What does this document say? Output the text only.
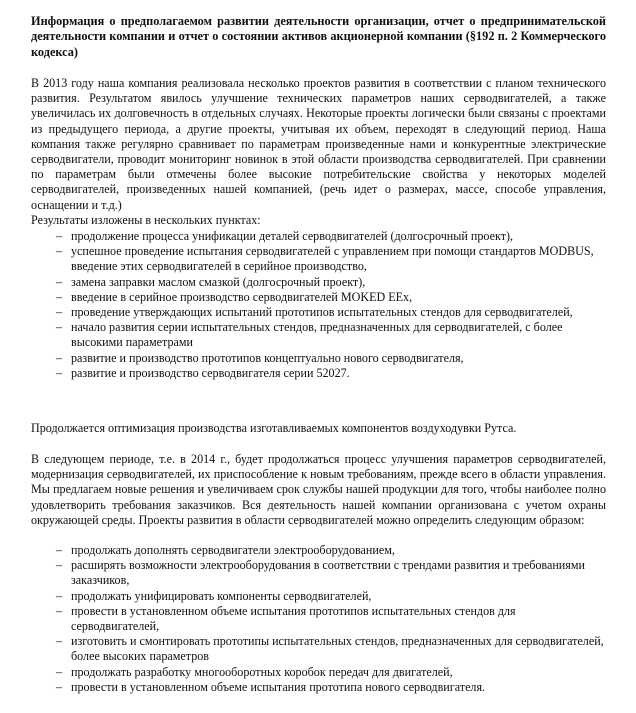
Информация о предполагаемом развитии деятельности организации, отчет о предпринимательской деятельности компании и отчет о состоянии активов акционерной компании (§192 п. 2 Коммерческого кодекса)

В 2013 году наша компания реализовала несколько проектов развития в соответствии с планом технического развития. Результатом явилось улучшение технических параметров наших серводвигателей, а также увеличилась их долговечность в отдельных случаях. Некоторые проекты логически были связаны с проектами из предыдущего периода, а другие проекты, учитывая их объем, переходят в следующий период. Наша компания также регулярно сравнивает по параметрам произведенные нами и конкурентные электрические серводвигатели, проводит мониторинг новинок в этой области производства серводвигателей. При сравнении по параметрам были отмечены более высокие потребительские свойства у некоторых моделей серводвигателей, произведенных нашей компанией, (речь идет о размерах, массе, способе управления, оснащении и т.д.)

Результаты изложены в нескольких пунктах:

– продолжение процесса унификации деталей серводвигателей (долгосрочный проект),
– успешное проведение испытания серводвигателей с управлением при помощи стандартов MODBUS, введение этих серводвигателей в серийное производство,
– замена заправки маслом смазкой (долгосрочный проект),
– введение в серийное производство серводвигателей MOKED EEx,
– проведение утверждающих испытаний прототипов испытательных стендов для серводвигателей,
– начало развития серии испытательных стендов, предназначенных для серводвигателей, с более высокими параметрами
– развитие и производство прототипов концептуально нового серводвигателя,
– развитие и производство серводвигателя серии 52027.

Продолжается оптимизация производства изготавливаемых компонентов воздуходувки Рутса.

В следующем периоде, т.е. в 2014 г., будет продолжаться процесс улучшения параметров серводвигателей, модернизация серводвигателей, их приспособление к новым требованиям, прежде всего в области управления. Мы предлагаем новые решения и увеличиваем срок службы нашей продукции для того, чтобы наиболее полно удовлетворить требования заказчиков. Вся деятельность нашей компании организована с учетом охраны окружающей среды. Проекты развития в области серводвигателей можно определить следующим образом:

– продолжать дополнять серводвигатели электрооборудованием,
– расширять возможности электрооборудования в соответствии с трендами развития и требованиями заказчиков,
– продолжать унифицировать компоненты серводвигателей,
– провести в установленном объеме испытания прототипов испытательных стендов для серводвигателей,
– изготовить и смонтировать прототипы испытательных стендов, предназначенных для серводвигателей, более высоких параметров
– продолжать разработку многооборотных коробок передач для двигателей,
– провести в установленном объеме испытания прототипа нового серводвигателя.
